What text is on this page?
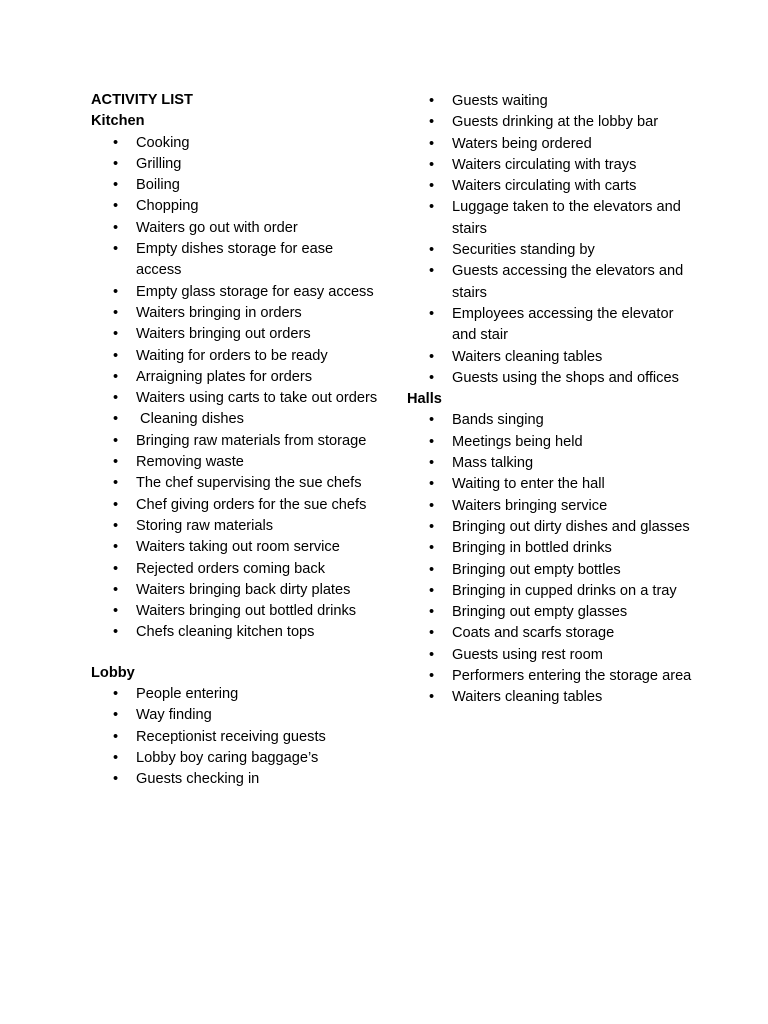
ACTIVITY LIST

Kitchen

• Cooking
• Grilling
• Boiling
• Chopping
• Waiters go out with order
• Empty dishes storage for ease access
• Empty glass storage for easy access
• Waiters bringing in orders
• Waiters bringing out orders
• Waiting for orders to be ready
• Arraigning plates for orders
• Waiters using carts to take out orders
•  Cleaning dishes
• Bringing raw materials from storage
• Removing waste
• The chef supervising the sue chefs
• Chef giving orders for the sue chefs
• Storing raw materials
• Waiters taking out room service
• Rejected orders coming back
• Waiters bringing back dirty plates
• Waiters bringing out bottled drinks
• Chefs cleaning kitchen tops

Lobby

• People entering
• Way finding
• Receptionist receiving guests
• Lobby boy caring baggage’s
• Guests checking in
• Guests waiting
• Guests drinking at the lobby bar
• Waters being ordered
• Waiters circulating with trays
• Waiters circulating with carts
• Luggage taken to the elevators and stairs
• Securities standing by
• Guests accessing the elevators and stairs
• Employees accessing the elevator and stair
• Waiters cleaning tables
• Guests using the shops and offices

Halls

• Bands singing
• Meetings being held
• Mass talking
• Waiting to enter the hall
• Waiters bringing service
• Bringing out dirty dishes and glasses
• Bringing in bottled drinks
• Bringing out empty bottles
• Bringing in cupped drinks on a tray
• Bringing out empty glasses
• Coats and scarfs storage
• Guests using rest room
• Performers entering the storage area
• Waiters cleaning tables
